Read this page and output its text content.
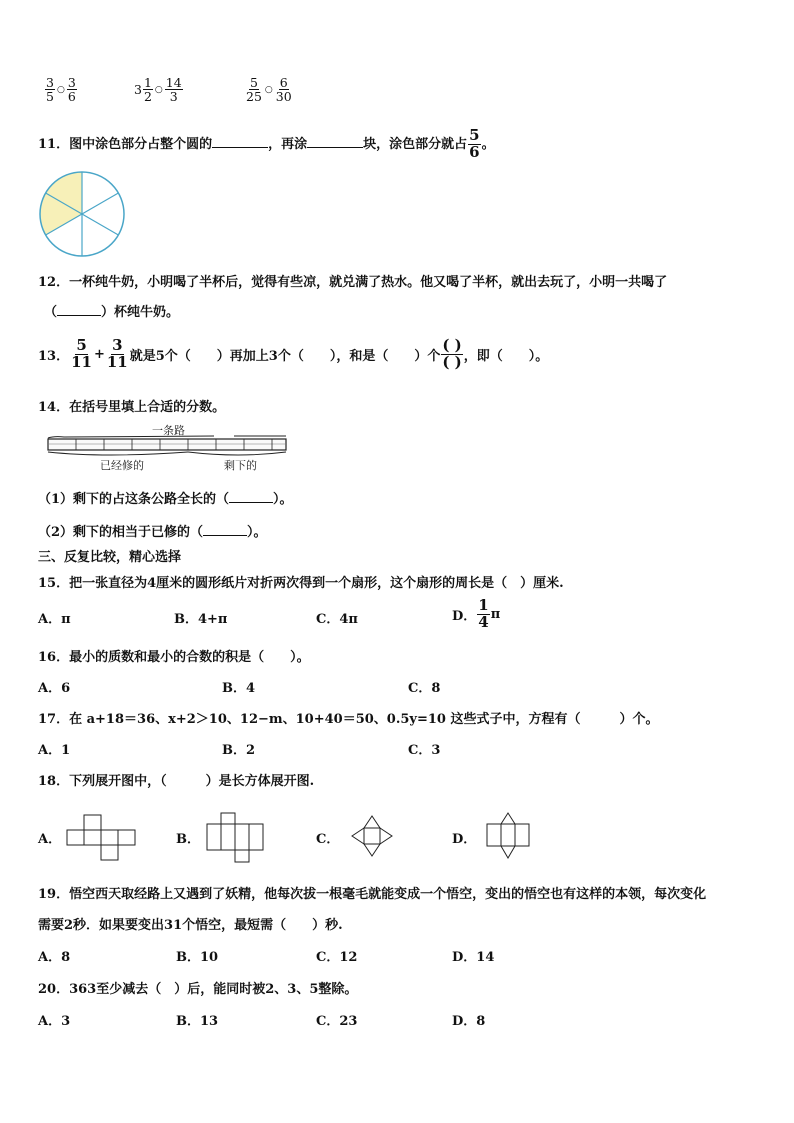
$\frac{3}{5}$ ○ $\frac{3}{6}$	$3 \frac{1}{2}$ ○ $\frac{14}{3}$	$\frac{5}{25}$ ○ $\frac{6}{30}$
11．图中涂色部分占整个圆的	，再涂	块，涂色部分就占 $\frac{5}{6}$ 。
12．一杯纯牛奶，小明喝了半杯后，觉得有些凉，就兑满了热水。他又喝了半杯，就出去玩了，小明一共喝了
（	）杯纯牛奶。
13． $\frac{5}{11} + \frac{3}{11}$ 就是5个（　　）再加上3个（　　），和是（　　）个 $\frac{( )}{( )}$ ，即（　　）。
14．在括号里填上合适的分数。
一条路
已经修的	剩下的
（1）剩下的占这条公路全长的（	）。
（2）剩下的相当于已修的（	）。
三、反复比较，精心选择
15．把一张直径为4厘米的圆形纸片对折两次得到一个扇形，这个扇形的周长是（　）厘米.
A．π	B．4+π	C．4π	D． $\frac{1}{4}$ π
16．最小的质数和最小的合数的积是（　　）。
A．6	B．4	C．8
17．在 a+18＝36、x+2＞10、12−m、10+40＝50、0.5y=10 这些式子中，方程有（　　　）个。
A．1	B．2	C．3
18．下列展开图中，（　　　）是长方体展开图.
A．	B．	C．	D．
19．悟空西天取经路上又遇到了妖精，他每次拔一根毫毛就能变成一个悟空，变出的悟空也有这样的本领，每次变化
需要2秒．如果要变出31个悟空，最短需（　　）秒.
A．8	B．10	C．12	D．14
20．363至少减去（　）后，能同时被2、3、5整除。
A．3	B．13	C．23	D．8
